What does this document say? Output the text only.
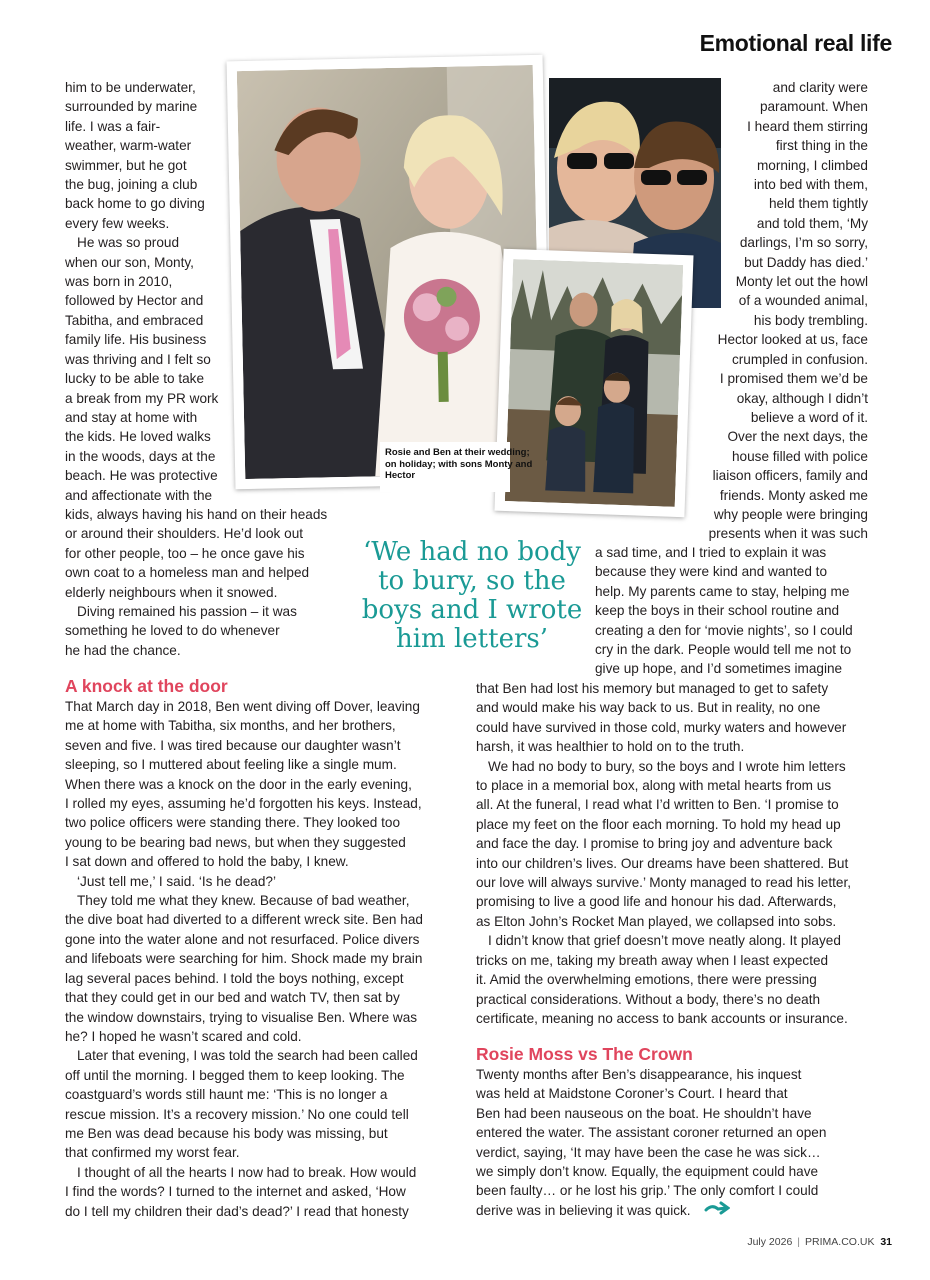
Emotional real life
him to be underwater,
surrounded by marine
life. I was a fair-
weather, warm-water
swimmer, but he got
the bug, joining a club
back home to go diving
every few weeks.
He was so proud
when our son, Monty,
was born in 2010,
followed by Hector and
Tabitha, and embraced
family life. His business
was thriving and I felt so
lucky to be able to take
a break from my PR work
and stay at home with
the kids. He loved walks
in the woods, days at the
beach. He was protective
and affectionate with the
kids, always having his hand on their heads
or around their shoulders. He’d look out
for other people, too – he once gave his
own coat to a homeless man and helped
elderly neighbours when it snowed.
Diving remained his passion – it was
something he loved to do whenever
he had the chance.
A knock at the door
That March day in 2018, Ben went diving off Dover, leaving
me at home with Tabitha, six months, and her brothers,
seven and five. I was tired because our daughter wasn’t
sleeping, so I muttered about feeling like a single mum.
When there was a knock on the door in the early evening,
I rolled my eyes, assuming he’d forgotten his keys. Instead,
two police officers were standing there. They looked too
young to be bearing bad news, but when they suggested
I sat down and offered to hold the baby, I knew.
‘Just tell me,’ I said. ‘Is he dead?’
They told me what they knew. Because of bad weather,
the dive boat had diverted to a different wreck site. Ben had
gone into the water alone and not resurfaced. Police divers
and lifeboats were searching for him. Shock made my brain
lag several paces behind. I told the boys nothing, except
that they could get in our bed and watch TV, then sat by
the window downstairs, trying to visualise Ben. Where was
he? I hoped he wasn’t scared and cold.
Later that evening, I was told the search had been called
off until the morning. I begged them to keep looking. The
coastguard’s words still haunt me: ‘This is no longer a
rescue mission. It’s a recovery mission.’ No one could tell
me Ben was dead because his body was missing, but
that confirmed my worst fear.
I thought of all the hearts I now had to break. How would
I find the words? I turned to the internet and asked, ‘How
do I tell my children their dad’s dead?’ I read that honesty
and clarity were
paramount. When
I heard them stirring
first thing in the
morning, I climbed
into bed with them,
held them tightly
and told them, ‘My
darlings, I’m so sorry,
but Daddy has died.’
Monty let out the howl
of a wounded animal,
his body trembling.
Hector looked at us, face
crumpled in confusion.
I promised them we’d be
okay, although I didn’t
believe a word of it.
Over the next days, the
house filled with police
liaison officers, family and
friends. Monty asked me
why people were bringing
presents when it was such
a sad time, and I tried to explain it was
because they were kind and wanted to
help. My parents came to stay, helping me
keep the boys in their school routine and
creating a den for ‘movie nights’, so I could
cry in the dark. People would tell me not to
give up hope, and I’d sometimes imagine
that Ben had lost his memory but managed to get to safety
and would make his way back to us. But in reality, no one
could have survived in those cold, murky waters and however
harsh, it was healthier to hold on to the truth.
We had no body to bury, so the boys and I wrote him letters
to place in a memorial box, along with metal hearts from us
all. At the funeral, I read what I’d written to Ben. ‘I promise to
place my feet on the floor each morning. To hold my head up
and face the day. I promise to bring joy and adventure back
into our children’s lives. Our dreams have been shattered. But
our love will always survive.’ Monty managed to read his letter,
promising to live a good life and honour his dad. Afterwards,
as Elton John’s Rocket Man played, we collapsed into sobs.
I didn’t know that grief doesn’t move neatly along. It played
tricks on me, taking my breath away when I least expected
it. Amid the overwhelming emotions, there were pressing
practical considerations. Without a body, there’s no death
certificate, meaning no access to bank accounts or insurance.
Rosie Moss vs The Crown
Twenty months after Ben’s disappearance, his inquest
was held at Maidstone Coroner’s Court. I heard that
Ben had been nauseous on the boat. He shouldn’t have
entered the water. The assistant coroner returned an open
verdict, saying, ‘It may have been the case he was sick…
we simply don’t know. Equally, the equipment could have
been faulty… or he lost his grip.’ The only comfort I could
derive was in believing it was quick.
‘We had no body to bury, so the boys and I wrote him letters’
Rosie and Ben at their wedding; on holiday; with sons Monty and Hector
July 2026 | PRIMA.CO.UK 31
